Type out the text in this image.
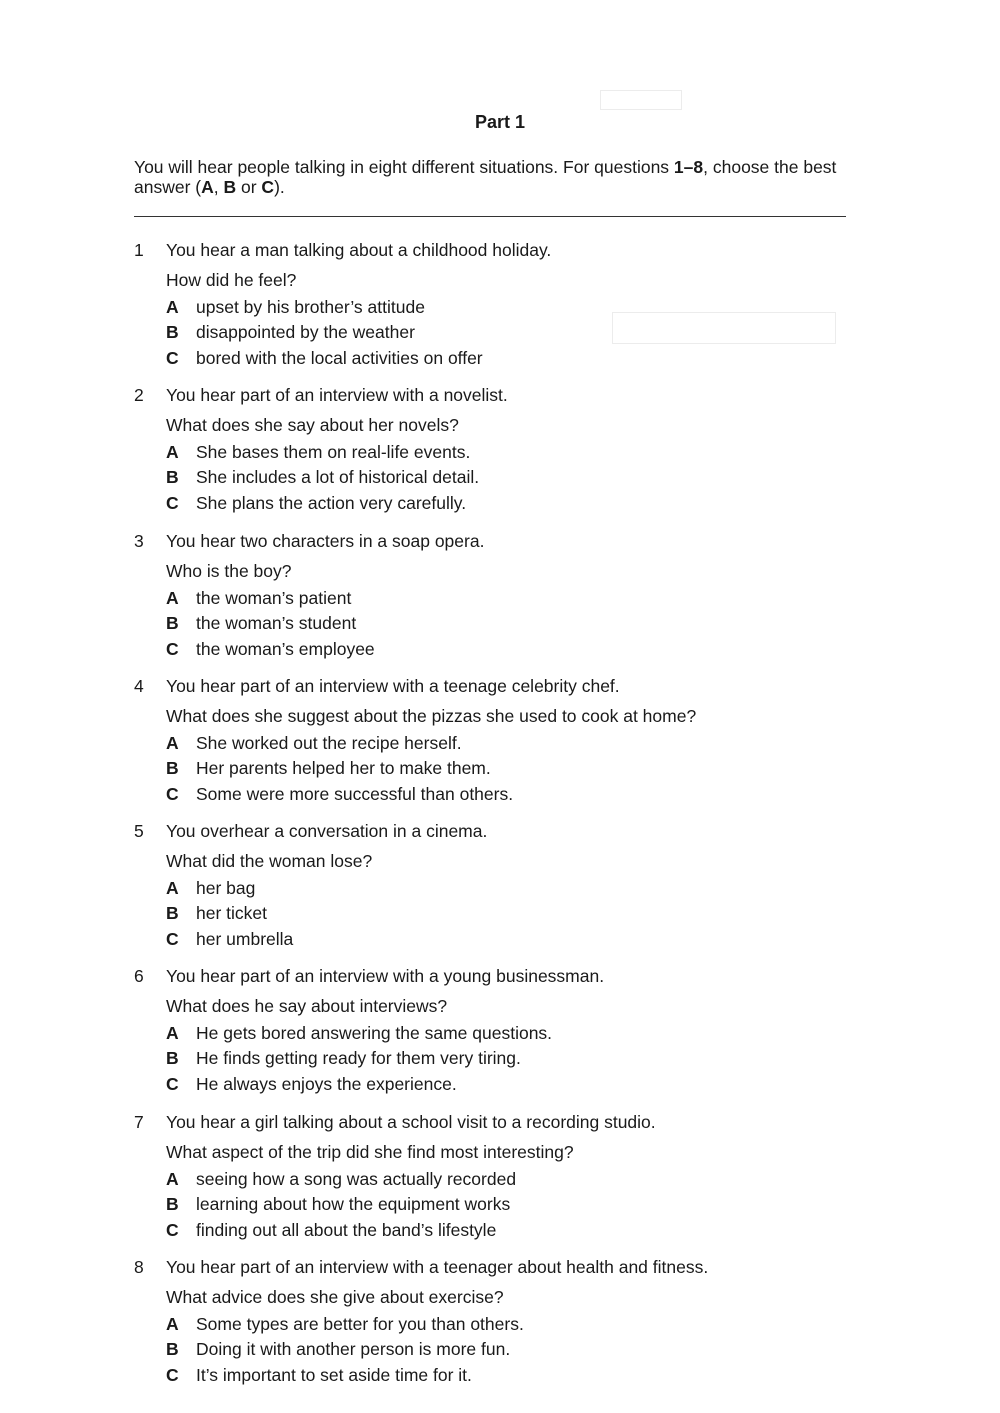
Part 1
You will hear people talking in eight different situations. For questions 1–8, choose the best answer (A, B or C).
1 You hear a man talking about a childhood holiday.
How did he feel?
A upset by his brother’s attitude
B disappointed by the weather
C bored with the local activities on offer
2 You hear part of an interview with a novelist.
What does she say about her novels?
A She bases them on real-life events.
B She includes a lot of historical detail.
C She plans the action very carefully.
3 You hear two characters in a soap opera.
Who is the boy?
A the woman’s patient
B the woman’s student
C the woman’s employee
4 You hear part of an interview with a teenage celebrity chef.
What does she suggest about the pizzas she used to cook at home?
A She worked out the recipe herself.
B Her parents helped her to make them.
C Some were more successful than others.
5 You overhear a conversation in a cinema.
What did the woman lose?
A her bag
B her ticket
C her umbrella
6 You hear part of an interview with a young businessman.
What does he say about interviews?
A He gets bored answering the same questions.
B He finds getting ready for them very tiring.
C He always enjoys the experience.
7 You hear a girl talking about a school visit to a recording studio.
What aspect of the trip did she find most interesting?
A seeing how a song was actually recorded
B learning about how the equipment works
C finding out all about the band’s lifestyle
8 You hear part of an interview with a teenager about health and fitness.
What advice does she give about exercise?
A Some types are better for you than others.
B Doing it with another person is more fun.
C It’s important to set aside time for it.
